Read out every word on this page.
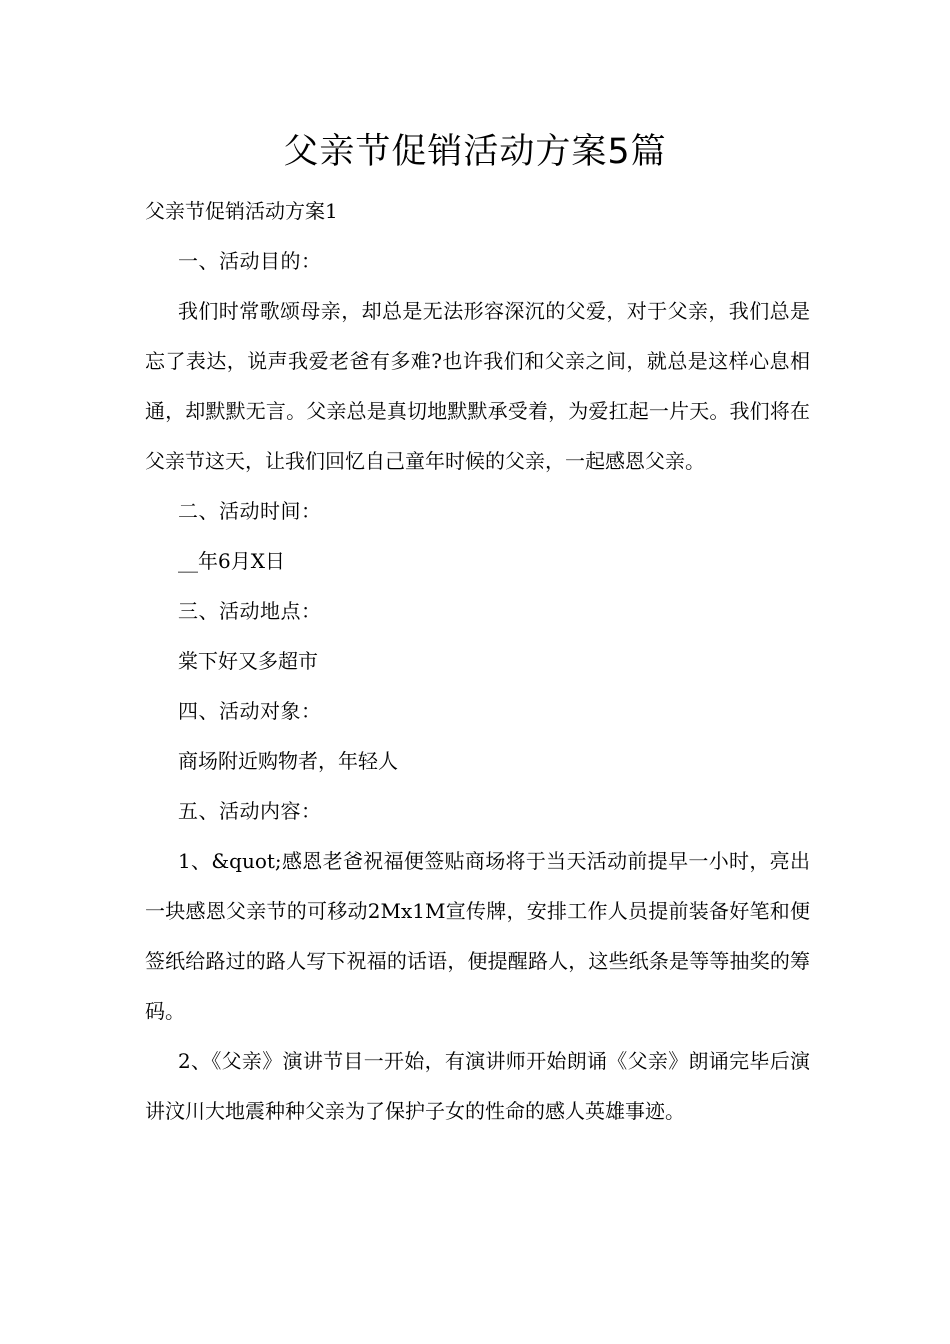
父亲节促销活动方案5篇

父亲节促销活动方案1

一、活动目的：

我们时常歌颂母亲，却总是无法形容深沉的父爱，对于父亲，我们总是忘了表达，说声我爱老爸有多难?也许我们和父亲之间，就总是这样心息相通，却默默无言。父亲总是真切地默默承受着，为爱扛起一片天。我们将在父亲节这天，让我们回忆自己童年时候的父亲，一起感恩父亲。

二、活动时间：

__年6月X日

三、活动地点：

棠下好又多超市

四、活动对象：

商场附近购物者，年轻人

五、活动内容：

1、&quot;感恩老爸祝福便签贴商场将于当天活动前提早一小时，亮出一块感恩父亲节的可移动2Mx1M宣传牌，安排工作人员提前装备好笔和便签纸给路过的路人写下祝福的话语，便提醒路人，这些纸条是等等抽奖的筹码。

2、《父亲》演讲节目一开始，有演讲师开始朗诵《父亲》朗诵完毕后演讲汶川大地震种种父亲为了保护子女的性命的感人英雄事迹。
